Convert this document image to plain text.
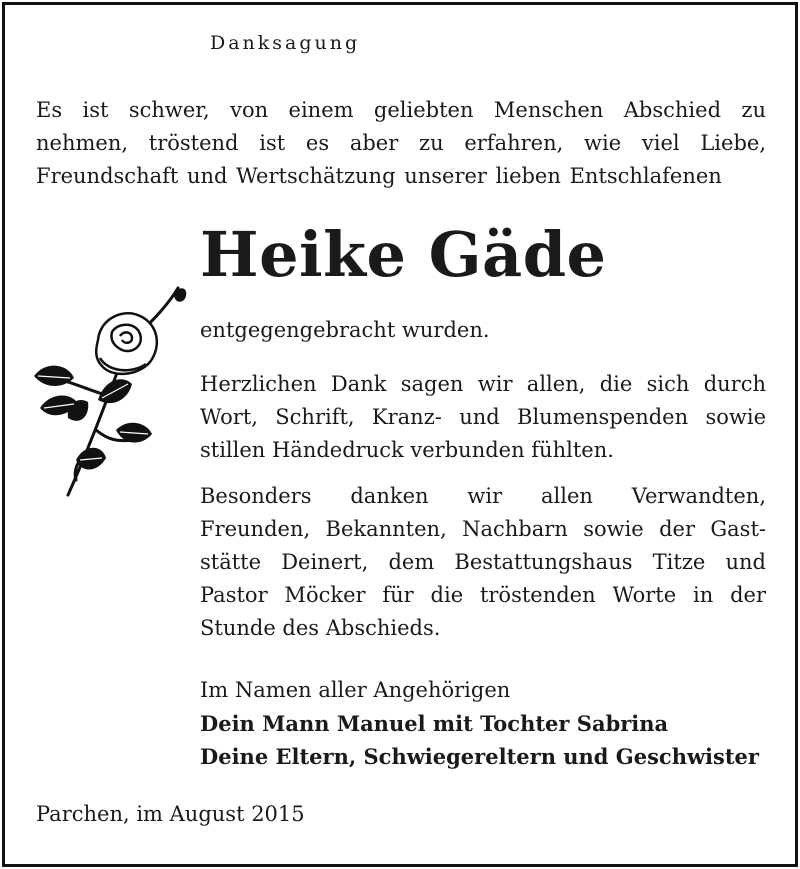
Danksagung
Es ist schwer, von einem geliebten Menschen Abschied zu
nehmen, tröstend ist es aber zu erfahren, wie viel Liebe,
Freundschaft und Wertschätzung unserer lieben Entschlafenen
Heike Gäde
entgegengebracht wurden.
Herzlichen Dank sagen wir allen, die sich durch
Wort, Schrift, Kranz- und Blumenspenden sowie
stillen Händedruck verbunden fühlten.
Besonders danken wir allen Verwandten,
Freunden, Bekannten, Nachbarn sowie der Gast-
stätte Deinert, dem Bestattungshaus Titze und
Pastor Möcker für die tröstenden Worte in der
Stunde des Abschieds.
Im Namen aller Angehörigen
Dein Mann Manuel mit Tochter Sabrina
Deine Eltern, Schwiegereltern und Geschwister
Parchen, im August 2015
